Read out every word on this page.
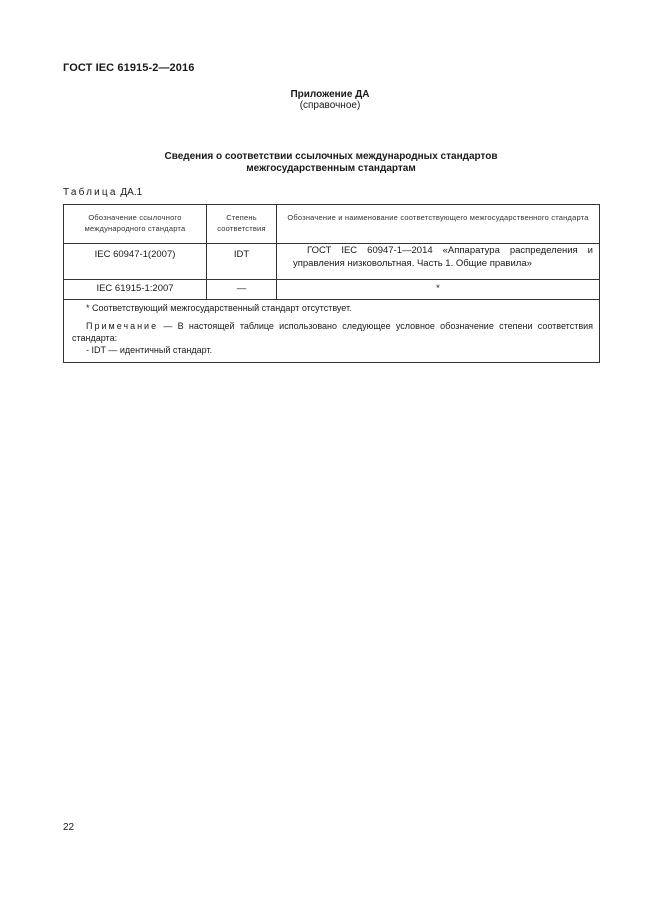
ГОСТ IEC 61915-2—2016
Приложение ДА
(справочное)
Сведения о соответствии ссылочных международных стандартов
межгосударственным стандартам
Таблица ДА.1
Обозначение ссылочного международного стандарта	Степень соответствия	Обозначение и наименование соответствующего межгосударственного стандарта
IEC 60947-1(2007)	IDT	ГОСТ IEC 60947-1—2014 «Аппаратура распределения и управления низковольтная. Часть 1. Общие правила»
IEC 61915-1:2007	—	*

* Соответствующий межгосударственный стандарт отсутствует.

Примечание — В настоящей таблице использовано следующее условное обозначение степени соответствия стандарта:

- IDT — идентичный стандарт.		

22
